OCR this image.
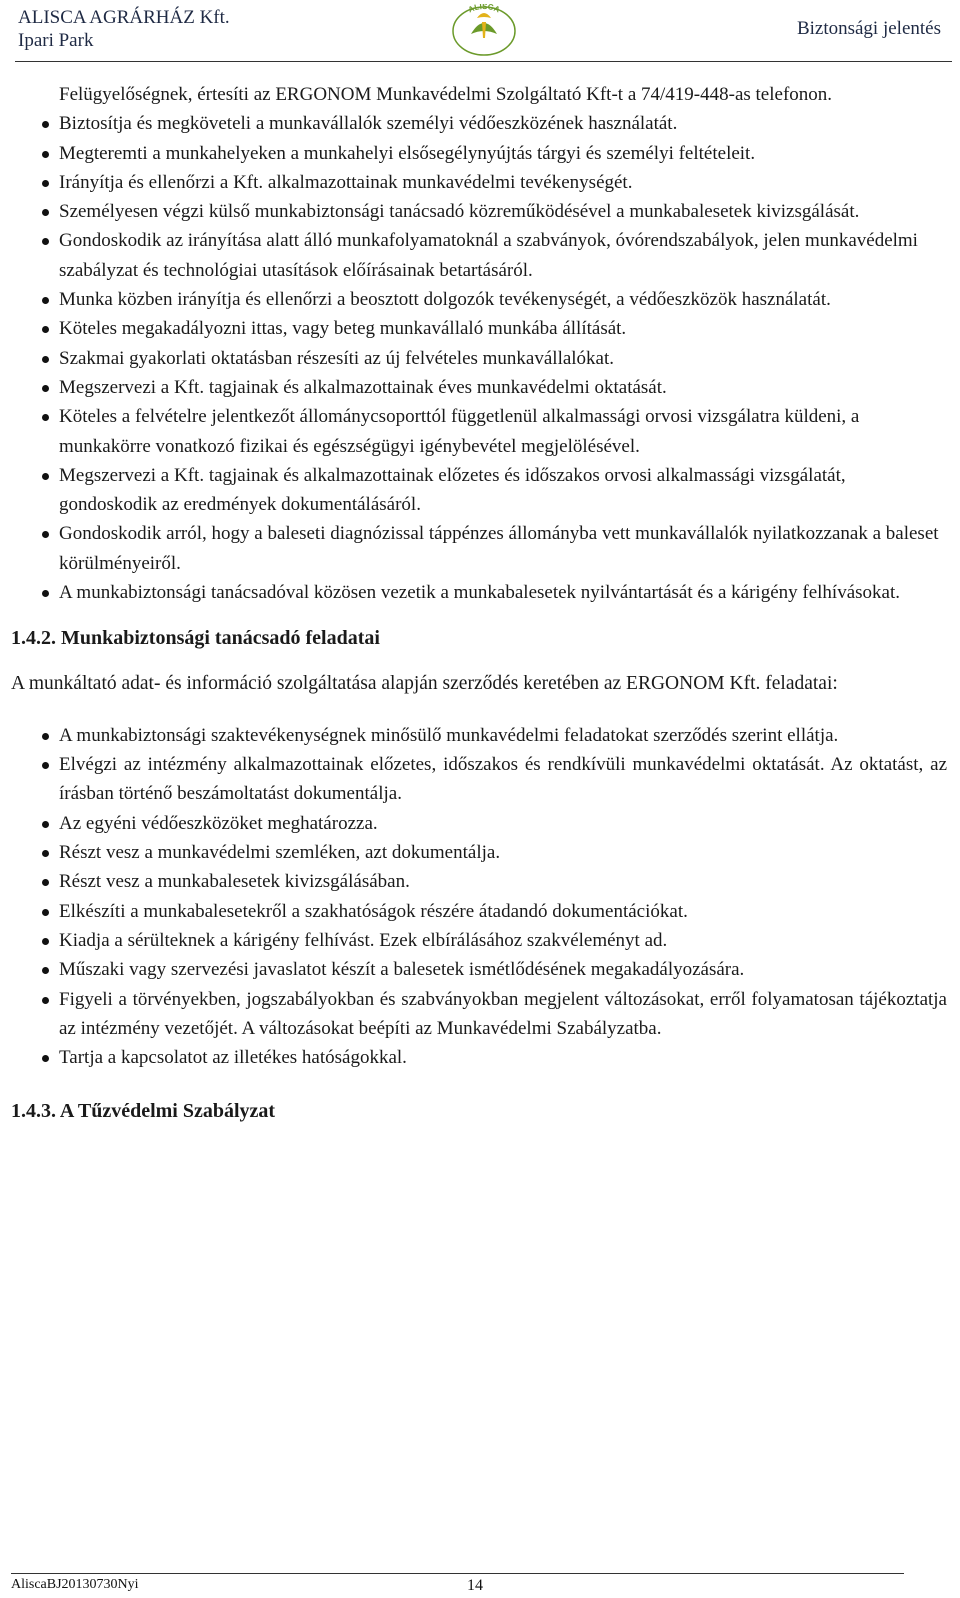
ALISCA AGRÁRHÁZ Kft.
Ipari Park
ALISCA
Biztonsági jelentés
Felügyelőségnek, értesíti az ERGONOM Munkavédelmi Szolgáltató Kft-t a 74/419-448-as telefonon.
Biztosítja és megköveteli a munkavállalók személyi védőeszközének használatát.
Megteremti a munkahelyeken a munkahelyi elsősegélynyújtás tárgyi és személyi feltételeit.
Irányítja és ellenőrzi a Kft. alkalmazottainak munkavédelmi tevékenységét.
Személyesen végzi külső munkabiztonsági tanácsadó közreműködésével a munkabalesetek kivizsgálását.
Gondoskodik az irányítása alatt álló munkafolyamatoknál a szabványok, óvórendszabályok, jelen munkavédelmi szabályzat és technológiai utasítások előírásainak betartásáról.
Munka közben irányítja és ellenőrzi a beosztott dolgozók tevékenységét, a védőeszközök használatát.
Köteles megakadályozni ittas, vagy beteg munkavállaló munkába állítását.
Szakmai gyakorlati oktatásban részesíti az új felvételes munkavállalókat.
Megszervezi a Kft. tagjainak és alkalmazottainak éves munkavédelmi oktatását.
Köteles a felvételre jelentkezőt állománycsoporttól függetlenül alkalmassági orvosi vizsgálatra küldeni, a munkakörre vonatkozó fizikai és egészségügyi igénybevétel megjelölésével.
Megszervezi a Kft. tagjainak és alkalmazottainak előzetes és időszakos orvosi alkalmassági vizsgálatát, gondoskodik az eredmények dokumentálásáról.
Gondoskodik arról, hogy a baleseti diagnózissal táppénzes állományba vett munkavállalók nyilatkozzanak a baleset körülményeiről.
A munkabiztonsági tanácsadóval közösen vezetik a munkabalesetek nyilvántartását és a kárigény felhívásokat.

1.4.2. Munkabiztonsági tanácsadó feladatai

A munkáltató adat- és információ szolgáltatása alapján szerződés keretében az ERGONOM Kft. feladatai:

A munkabiztonsági szaktevékenységnek minősülő munkavédelmi feladatokat szerződés szerint ellátja.
Elvégzi az intézmény alkalmazottainak előzetes, időszakos és rendkívüli munkavédelmi oktatását. Az oktatást, az írásban történő beszámoltatást dokumentálja.
Az egyéni védőeszközöket meghatározza.
Részt vesz a munkavédelmi szemléken, azt dokumentálja.
Részt vesz a munkabalesetek kivizsgálásában.
Elkészíti a munkabalesetekről a szakhatóságok részére átadandó dokumentációkat.
Kiadja a sérülteknek a kárigény felhívást. Ezek elbírálásához szakvéleményt ad.
Műszaki vagy szervezési javaslatot készít a balesetek ismétlődésének megakadályozására.
Figyeli a törvényekben, jogszabályokban és szabványokban megjelent változásokat, erről folyamatosan tájékoztatja az intézmény vezetőjét. A változásokat beépíti az Munkavédelmi Szabályzatba.
Tartja a kapcsolatot az illetékes hatóságokkal.

1.4.3. A Tűzvédelmi Szabályzat

AliscaBJ20130730Nyi	14
